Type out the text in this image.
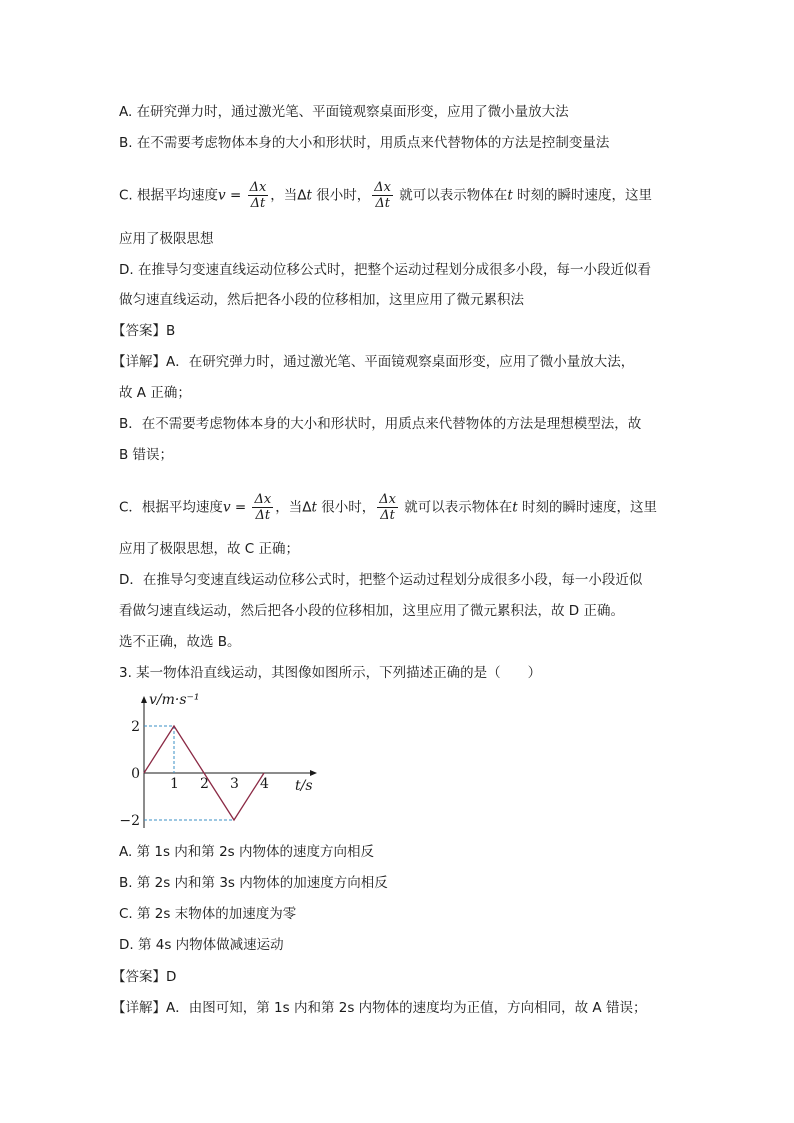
A. 在研究弹力时，通过激光笔、平面镜观察桌面形变，应用了微小量放大法
B. 在不需要考虑物体本身的大小和形状时，用质点来代替物体的方法是控制变量法
C. 根据平均速度$v = \frac{\Delta x}{\Delta t}$ ，当Δt 很小时， $\frac{\Delta x}{\Delta t}$ 就可以表示物体在t 时刻的瞬时速度，这里
应用了极限思想
D. 在推导匀变速直线运动位移公式时，把整个运动过程划分成很多小段，每一小段近似看
做匀速直线运动，然后把各小段的位移相加，这里应用了微元累积法
【答案】B
【详解】A．在研究弹力时，通过激光笔、平面镜观察桌面形变，应用了微小量放大法，
故 A 正确；
B．在不需要考虑物体本身的大小和形状时，用质点来代替物体的方法是理想模型法，故
B 错误；
C．根据平均速度$v = \frac{\Delta x}{\Delta t}$ ，当Δt 很小时， $\frac{\Delta x}{\Delta t}$ 就可以表示物体在t 时刻的瞬时速度，这里
应用了极限思想，故 C 正确；
D．在推导匀变速直线运动位移公式时，把整个运动过程划分成很多小段，每一小段近似
看做匀速直线运动，然后把各小段的位移相加，这里应用了微元累积法，故 D 正确。
选不正确，故选 B。
3. 某一物体沿直线运动，其图像如图所示，下列描述正确的是（　　）
1 2 3 4
2
0
−2
v/m·s⁻¹
t/s
A. 第 1s 内和第 2s 内物体的速度方向相反
B. 第 2s 内和第 3s 内物体的加速度方向相反
C. 第 2s 末物体的加速度为零
D. 第 4s 内物体做减速运动
【答案】D
【详解】A．由图可知，第 1s 内和第 2s 内物体的速度均为正值，方向相同，故 A 错误；
